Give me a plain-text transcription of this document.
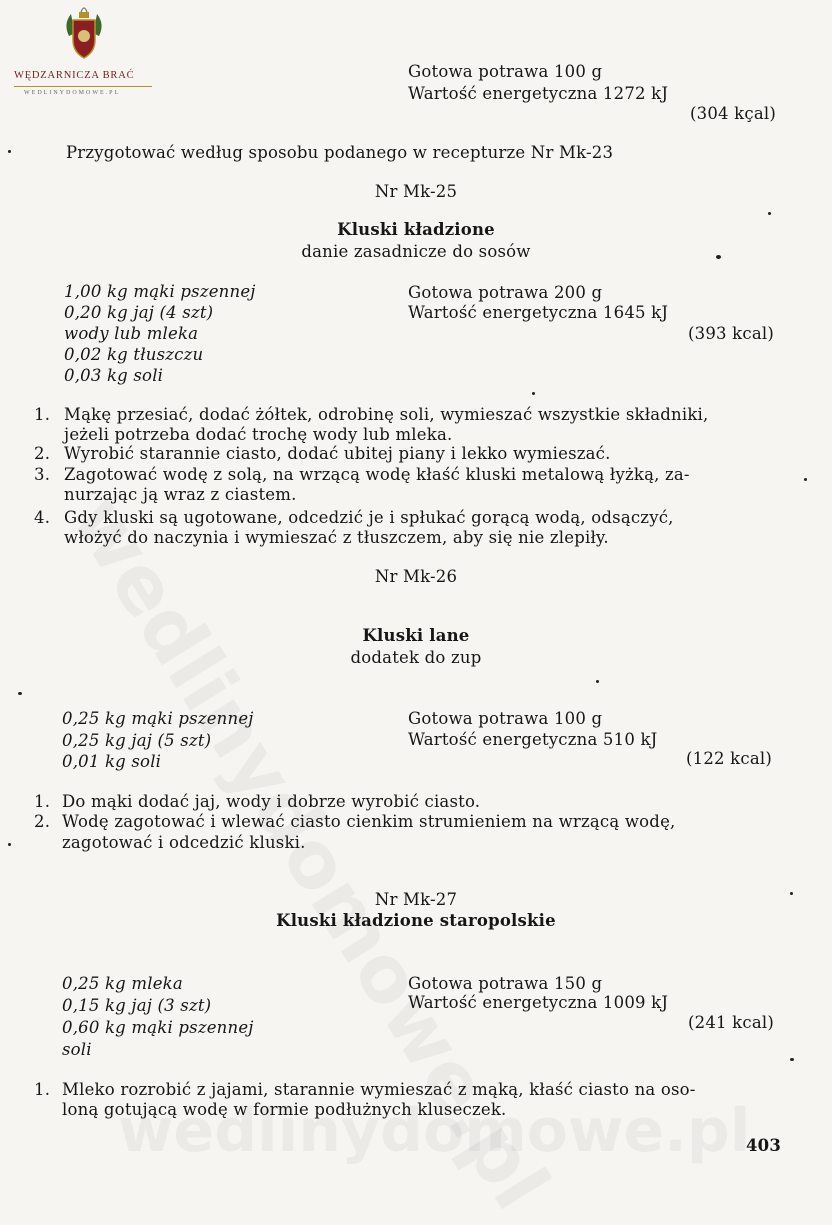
WĘDZARNICZA BRAĆ
WEDLINYDOMOWE.PL
Gotowa potrawa 100 g
Wartość energetyczna 1272 kJ
(304 kçal)
Przygotować według sposobu podanego w recepturze Nr Mk-23
Nr Mk-25
Kluski kładzione
danie zasadnicze do sosów
1,00 kg mąki pszennej
0,20 kg jaj (4 szt)
wody lub mleka
0,02 kg tłuszczu
0,03 kg soli
Gotowa potrawa 200 g
Wartość energetyczna 1645 kJ
(393 kcal)
1. Mąkę przesiać, dodać żółtek, odrobinę soli, wymieszać wszystkie składniki,
jeżeli potrzeba dodać trochę wody lub mleka.
2. Wyrobić starannie ciasto, dodać ubitej piany i lekko wymieszać.
3. Zagotować wodę z solą, na wrzącą wodę kłaść kluski metalową łyżką, za-
nurzając ją wraz z ciastem.
4. Gdy kluski są ugotowane, odcedzić je i spłukać gorącą wodą, odsączyć,
włożyć do naczynia i wymieszać z tłuszczem, aby się nie zlepiły.
Nr Mk-26
Kluski lane
dodatek do zup
0,25 kg mąki pszennej
0,25 kg jaj (5 szt)
0,01 kg soli
Gotowa potrawa 100 g
Wartość energetyczna 510 kJ
(122 kcal)
1. Do mąki dodać jaj, wody i dobrze wyrobić ciasto.
2. Wodę zagotować i wlewać ciasto cienkim strumieniem na wrzącą wodę,
zagotować i odcedzić kluski.
Nr Mk-27
Kluski kładzione staropolskie
0,25 kg mleka
0,15 kg jaj (3 szt)
0,60 kg mąki pszennej
soli
Gotowa potrawa 150 g
Wartość energetyczna 1009 kJ
(241 kcal)
1. Mleko rozrobić z jajami, starannie wymieszać z mąką, kłaść ciasto na oso-
loną gotującą wodę w formie podłużnych kluseczek.
403
